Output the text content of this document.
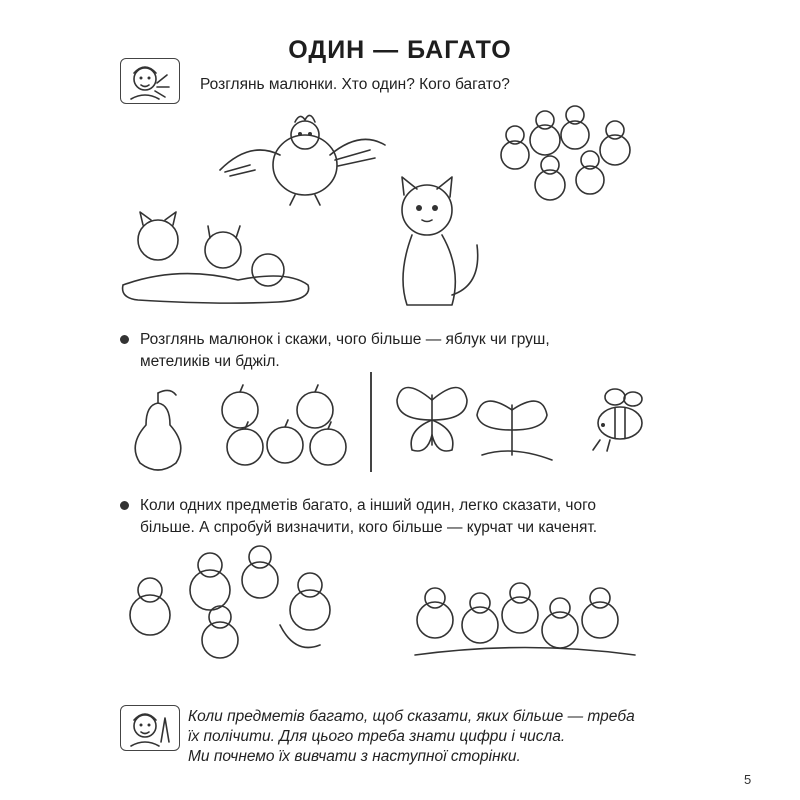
ОДИН — БАГАТО
Розглянь малюнки. Хто один? Кого багато?
Розглянь малюнок і скажи, чого більше — яблук чи груш,
метеликів чи бджіл.
Коли одних предметів багато, а інший один, легко сказати, чого
більше. А спробуй визначити, кого більше — курчат чи каченят.
Коли предметів багато, щоб сказати, яких більше — треба
їх полічити. Для цього треба знати цифри і числа.
Ми почнемо їх вивчати з наступної сторінки.
5
